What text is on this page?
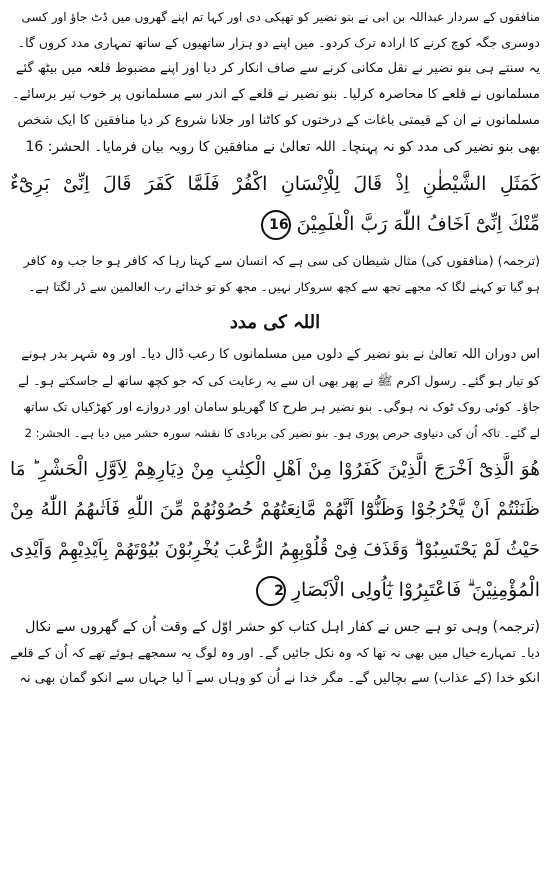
منافقوں کے سردار عبداللہ بن ابی نے بنو نضیر کو تھپکی دی اور کہا تم اپنے گھروں میں ڈٹ جاؤ اور کسی

دوسری جگہ کوچ کرنے کا ارادہ ترک کردو۔ میں اپنے دو ہزار ساتھیوں کے ساتھ تمہاری مدد کروں گا۔

یہ سنتے ہی بنو نضیر نے نقل مکانی کرنے سے صاف انکار کر دیا اور اپنے مضبوط قلعہ میں بیٹھ گئے

مسلمانوں نے قلعے کا محاصرہ کرلیا۔ بنو نضیر نے قلعے کے اندر سے مسلمانوں پر خوب تیر برسائے۔

مسلمانوں نے ان کے قیمتی باغات کے درختوں کو کاٹنا اور جلانا شروع کر دیا منافقین کا ایک شخص

بھی بنو نضیر کی مدد کو نہ پہنچا۔ اللہ تعالیٰ نے منافقین کا رویہ بیان فرمایا۔ الحشر: 16

كَمَثَلِ الشَّيْطٰنِ اِذْ قَالَ لِلْاِنْسَانِ اكْفُرْ فَلَمَّا كَفَرَ قَالَ اِنِّىْ بَرِىْٓءٌ

مِّنْكَ اِنِّىْٓ اَخَافُ اللّٰهَ رَبَّ الْعٰلَمِيْنَ16

(ترجمہ) (منافقوں کی) مثال شیطان کی سی ہے کہ انسان سے کہتا رہا کہ کافر ہو جا جب وہ کافر

ہو گیا تو کہنے لگا کہ مجھے تجھ سے کچھ سروکار نہیں۔ مجھ کو تو خدائے رب العالمین سے ڈر لگتا ہے۔

اللہ کی مدد

اس دوران اللہ تعالیٰ نے بنو نضیر کے دلوں میں مسلمانوں کا رعب ڈال دیا۔ اور وہ شہر بدر ہونے

کو تیار ہو گئے۔ رسول اکرم ﷺ نے پھر بھی ان سے یہ رعایت کی کہ جو کچھ ساتھ لے جاسکتے ہو۔ لے

جاؤ۔ کوئی روک ٹوک نہ ہوگی۔ بنو نضیر ہر طرح کا گھریلو سامان اور دروازے اور کھڑکیاں تک ساتھ

لے گئے۔ تاکہ اُن کی دنیاوی حرص پوری ہو۔ بنو نضیر کی بربادی کا نقشہ سورہ حشر میں دیا ہے۔ الحشر: 2

هُوَ الَّذِىْٓ اَخْرَجَ الَّذِيْنَ كَفَرُوْا مِنْ اَهْلِ الْكِتٰبِ مِنْ دِيَارِهِمْ لِاَوَّلِ الْحَشْرِ ؕ مَا

ظَنَنْتُمْ اَنْ يَّخْرُجُوْا وَظَنُّوْٓا اَنَّهُمْ مَّانِعَتُهُمْ حُصُوْنُهُمْ مِّنَ اللّٰهِ فَاَتٰىهُمُ اللّٰهُ مِنْ

حَيْثُ لَمْ يَحْتَسِبُوْا ۗ وَقَذَفَ فِىْ قُلُوْبِهِمُ الرُّعْبَ يُخْرِبُوْنَ بُيُوْتَهُمْ بِاَيْدِيْهِمْ وَاَيْدِى

الْمُؤْمِنِيْنَ ۗ فَاعْتَبِرُوْا يٰٓاُولِى الْاَبْصَارِ2

(ترجمہ) وہی تو ہے جس نے کفار اہل کتاب کو حشر اوّل کے وقت اُن کے گھروں سے نکال

دیا۔ تمہارے خیال میں بھی نہ تھا کہ وہ نکل جائیں گے۔ اور وہ لوگ یہ سمجھے ہوئے تھے کہ اُن کے قلعے

انکو خدا (کے عذاب) سے بچالیں گے۔ مگر خدا نے اُن کو وہاں سے آ لیا جہاں سے انکو گمان بھی نہ
